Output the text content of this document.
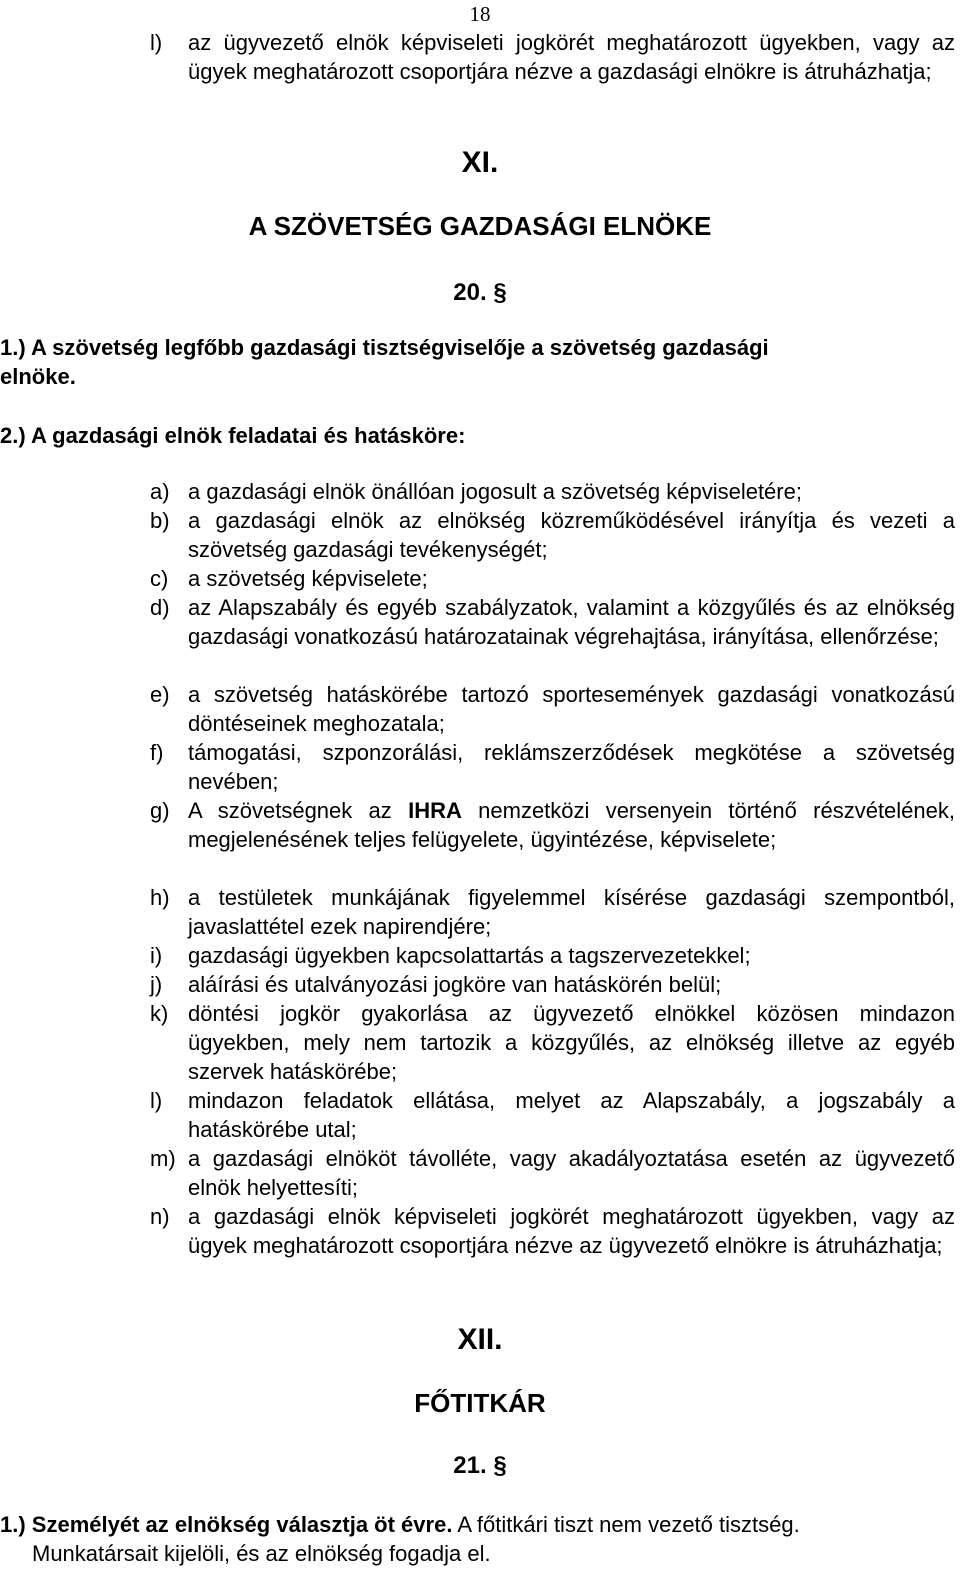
18
l)	az ügyvezető elnök képviseleti jogkörét meghatározott ügyekben, vagy az ügyek meghatározott csoportjára nézve a gazdasági elnökre is átruházhatja;
XI.
A SZÖVETSÉG GAZDASÁGI ELNÖKE
20. §
1.) A szövetség legfőbb gazdasági tisztségviselője a szövetség gazdasági
elnöke.
2.) A gazdasági elnök feladatai és hatásköre:
a) a gazdasági elnök önállóan jogosult a szövetség képviseletére;
b) a gazdasági elnök az elnökség közreműködésével irányítja és vezeti a szövetség gazdasági tevékenységét;
c) a szövetség képviselete;
d) az Alapszabály és egyéb szabályzatok, valamint a közgyűlés és az elnökség gazdasági vonatkozású határozatainak végrehajtása, irányítása, ellenőrzése;
e) a szövetség hatáskörébe tartozó sportesemények gazdasági vonatkozású döntéseinek meghozatala;
f)	támogatási, szponzorálási, reklámszerződések megkötése a szövetség nevében;
g) A szövetségnek az IHRA nemzetközi versenyein történő részvételének, megjelenésének teljes felügyelete, ügyintézése, képviselete;
h) a testületek munkájának figyelemmel kísérése gazdasági szempontból, javaslattétel ezek napirendjére;
i)	gazdasági ügyekben kapcsolattartás a tagszervezetekkel;
j)	aláírási és utalványozási jogköre van hatáskörén belül;
k) döntési jogkör gyakorlása az ügyvezető elnökkel közösen mindazon ügyekben, mely nem tartozik a közgyűlés, az elnökség illetve az egyéb szervek hatáskörébe;
l)	mindazon feladatok ellátása, melyet az Alapszabály, a jogszabály a hatáskörébe utal;
m) a gazdasági elnököt távolléte, vagy akadályoztatása esetén az ügyvezető elnök helyettesíti;
n) a gazdasági elnök képviseleti jogkörét meghatározott ügyekben, vagy az ügyek meghatározott csoportjára nézve az ügyvezető elnökre is átruházhatja;
XII.
FŐTITKÁR
21. §
1.) Személyét az elnökség választja öt évre. A főtitkári tiszt nem vezető tisztség.
Munkatársait kijelöli, és az elnökség fogadja el.
